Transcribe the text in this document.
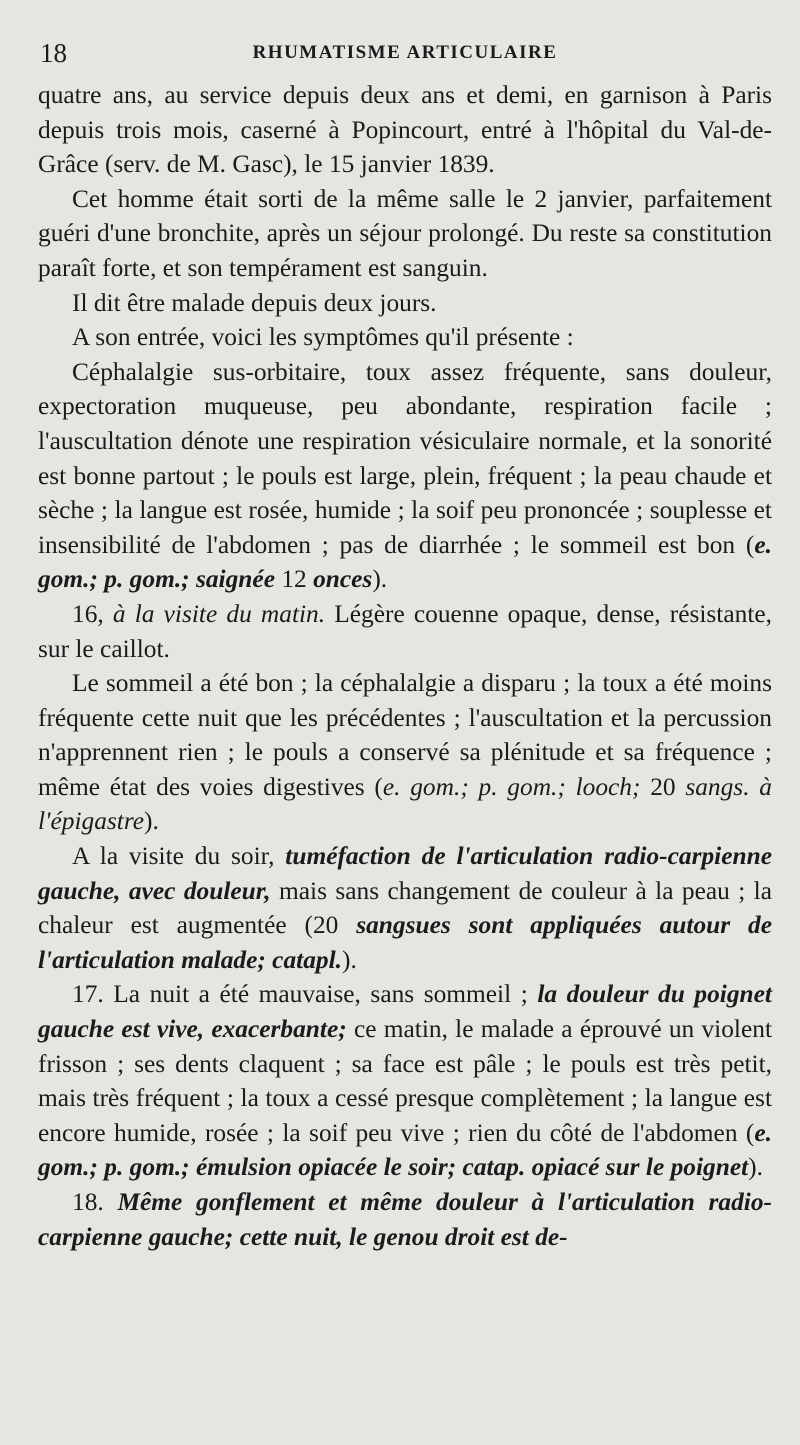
18	RHUMATISME ARTICULAIRE

quatre ans, au service depuis deux ans et demi, en garnison à Paris depuis trois mois, caserné à Popincourt, entré à l'hôpital du Val-de-Grâce (serv. de M. Gasc), le 15 janvier 1839.

Cet homme était sorti de la même salle le 2 janvier, parfaitement guéri d'une bronchite, après un séjour prolongé. Du reste sa constitution paraît forte, et son tempérament est sanguin.

Il dit être malade depuis deux jours.

A son entrée, voici les symptômes qu'il présente :

Céphalalgie sus-orbitaire, toux assez fréquente, sans douleur, expectoration muqueuse, peu abondante, respiration facile ; l'auscultation dénote une respiration vésiculaire normale, et la sonorité est bonne partout ; le pouls est large, plein, fréquent ; la peau chaude et sèche ; la langue est rosée, humide ; la soif peu prononcée ; souplesse et insensibilité de l'abdomen ; pas de diarrhée ; le sommeil est bon (e. gom.; p. gom.; saignée 12 onces).

16, à la visite du matin. Légère couenne opaque, dense, résistante, sur le caillot.

Le sommeil a été bon ; la céphalalgie a disparu ; la toux a été moins fréquente cette nuit que les précédentes ; l'auscultation et la percussion n'apprennent rien ; le pouls a conservé sa plénitude et sa fréquence ; même état des voies digestives (e. gom.; p. gom.; looch; 20 sangs. à l'épigastre).

A la visite du soir, tuméfaction de l'articulation radio-carpienne gauche, avec douleur, mais sans changement de couleur à la peau ; la chaleur est augmentée (20 sangsues sont appliquées autour de l'articulation malade; catapl.).

17. La nuit a été mauvaise, sans sommeil ; la douleur du poignet gauche est vive, exacerbante; ce matin, le malade a éprouvé un violent frisson ; ses dents claquent ; sa face est pâle ; le pouls est très petit, mais très fréquent ; la toux a cessé presque complètement ; la langue est encore humide, rosée ; la soif peu vive ; rien du côté de l'abdomen (e. gom.; p. gom.; émulsion opiacée le soir; catap. opiacé sur le poignet).

18. Même gonflement et même douleur à l'articulation radio-carpienne gauche; cette nuit, le genou droit est de-
